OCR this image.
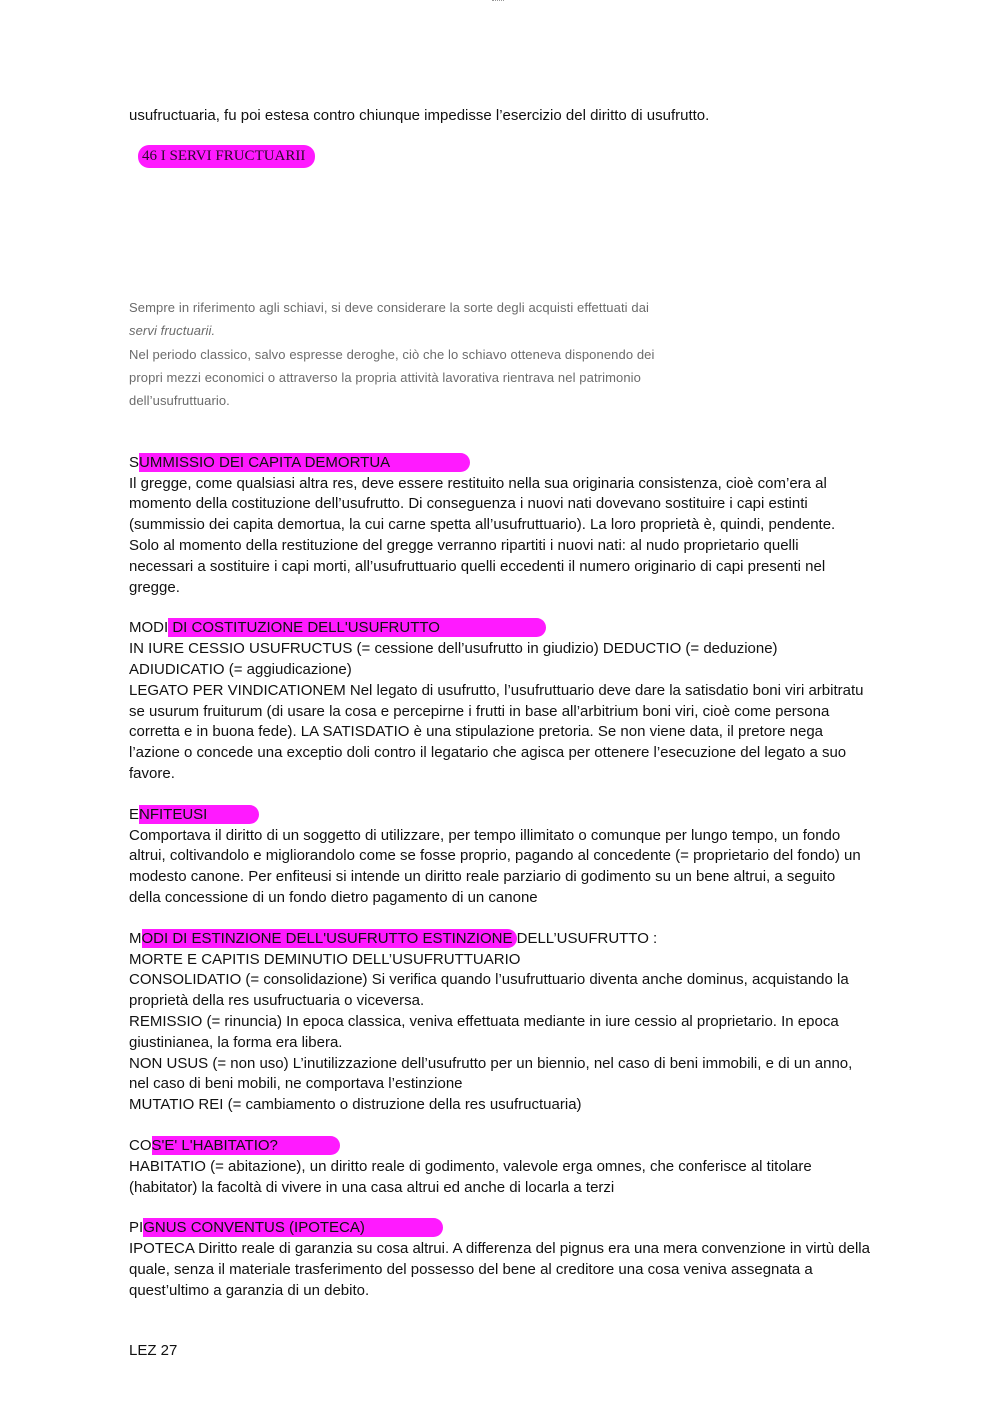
usufructuaria, fu poi estesa contro chiunque impedisse l’esercizio del diritto di usufrutto.

46 I SERVI FRUCTUARII
Sempre in riferimento agli schiavi, si deve considerare la sorte degli acquisti effettuati dai
servi fructuarii.
Nel periodo classico, salvo espresse deroghe, ciò che lo schiavo otteneva disponendo dei
propri mezzi economici o attraverso la propria attività lavorativa rientrava nel patrimonio
dell’usufruttuario.

SUMMISSIO DEI CAPITA DEMORTUA

Il gregge, come qualsiasi altra res, deve essere restituito nella sua originaria consistenza, cioè com’era al

momento della costituzione dell’usufrutto. Di conseguenza i nuovi nati dovevano sostituire i capi estinti

(summissio dei capita demortua, la cui carne spetta all’usufruttuario). La loro proprietà è, quindi, pendente.

Solo al momento della restituzione del gregge verranno ripartiti i nuovi nati: al nudo proprietario quelli

necessari a sostituire i capi morti, all’usufruttuario quelli eccedenti il numero originario di capi presenti nel

gregge.

MODI DI COSTITUZIONE DELL'USUFRUTTO

IN IURE CESSIO USUFRUCTUS (= cessione dell’usufrutto in giudizio) DEDUCTIO (= deduzione)

ADIUDICATIO (= aggiudicazione)

LEGATO PER VINDICATIONEM Nel legato di usufrutto, l’usufruttuario deve dare la satisdatio boni viri arbitratu

se usurum fruiturum (di usare la cosa e percepirne i frutti in base all’arbitrium boni viri, cioè come persona

corretta e in buona fede). LA SATISDATIO è una stipulazione pretoria. Se non viene data, il pretore nega

l’azione o concede una exceptio doli contro il legatario che agisca per ottenere l’esecuzione del legato a suo

favore.

ENFITEUSI

Comportava il diritto di un soggetto di utilizzare, per tempo illimitato o comunque per lungo tempo, un fondo

altrui, coltivandolo e migliorandolo come se fosse proprio, pagando al concedente (= proprietario del fondo) un

modesto canone. Per enfiteusi si intende un diritto reale parziario di godimento su un bene altrui, a seguito

della concessione di un fondo dietro pagamento di un canone

MODI DI ESTINZIONE DELL'USUFRUTTO ESTINZIONE DELL’USUFRUTTO :

MORTE E CAPITIS DEMINUTIO DELL’USUFRUTTUARIO

CONSOLIDATIO (= consolidazione) Si verifica quando l’usufruttuario diventa anche dominus, acquistando la

proprietà della res usufructuaria o viceversa.

REMISSIO (= rinuncia) In epoca classica, veniva effettuata mediante in iure cessio al proprietario. In epoca

giustinianea, la forma era libera.

NON USUS (= non uso) L’inutilizzazione dell’usufrutto per un biennio, nel caso di beni immobili, e di un anno,

nel caso di beni mobili, ne comportava l’estinzione

MUTATIO REI (= cambiamento o distruzione della res usufructuaria)

COS'E' L'HABITATIO?

HABITATIO (= abitazione), un diritto reale di godimento, valevole erga omnes, che conferisce al titolare

(habitator) la facoltà di vivere in una casa altrui ed anche di locarla a terzi

PIGNUS CONVENTUS (IPOTECA)

IPOTECA Diritto reale di garanzia su cosa altrui. A differenza del pignus era una mera convenzione in virtù della

quale, senza il materiale trasferimento del possesso del bene al creditore una cosa veniva assegnata a

quest’ultimo a garanzia di un debito.

LEZ 27
